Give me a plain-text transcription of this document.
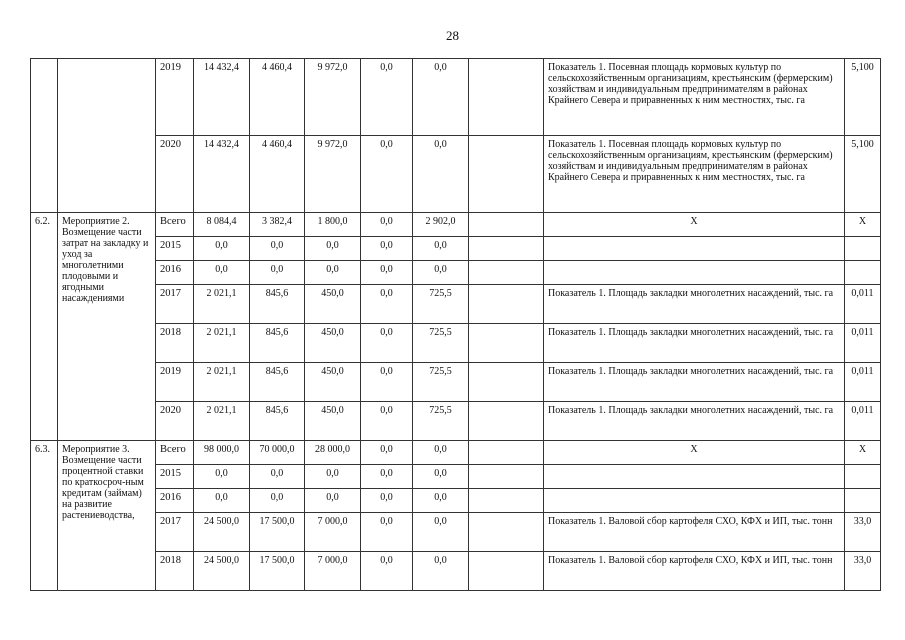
28
		2019	14 432,4	4 460,4	9 972,0	0,0	0,0		Показатель 1. Посевная площадь кормовых культур по сельскохозяйственным организациям, крестьянским (фермерским) хозяйствам и индивидуальным предпринимателям в районах Крайнего Севера и приравненных к ним местностях, тыс. га	5,100
		2020	14 432,4	4 460,4	9 972,0	0,0	0,0		Показатель 1. Посевная площадь кормовых культур по сельскохозяйственным организациям, крестьянским (фермерским) хозяйствам и индивидуальным предпринимателям в районах Крайнего Севера и приравненных к ним местностях, тыс. га	5,100
6.2.	Мероприятие 2. Возмещение части затрат на закладку и уход за многолетними плодовыми и ягодными насаждениями	Всего	8 084,4	3 382,4	1 800,0	0,0	2 902,0		Х	Х
		2015	0,0	0,0	0,0	0,0	0,0			
		2016	0,0	0,0	0,0	0,0	0,0			
		2017	2 021,1	845,6	450,0	0,0	725,5		Показатель 1. Площадь закладки многолетних насаждений, тыс. га	0,011
		2018	2 021,1	845,6	450,0	0,0	725,5		Показатель 1. Площадь закладки многолетних насаждений, тыс. га	0,011
		2019	2 021,1	845,6	450,0	0,0	725,5		Показатель 1. Площадь закладки многолетних насаждений, тыс. га	0,011
		2020	2 021,1	845,6	450,0	0,0	725,5		Показатель 1. Площадь закладки многолетних насаждений, тыс. га	0,011
6.3.	Мероприятие 3. Возмещение части процентной ставки по краткосроч-ным кредитам (займам) на развитие растениеводства,	Всего	98 000,0	70 000,0	28 000,0	0,0	0,0		Х	Х
		2015	0,0	0,0	0,0	0,0	0,0			
		2016	0,0	0,0	0,0	0,0	0,0			
		2017	24 500,0	17 500,0	7 000,0	0,0	0,0		Показатель 1. Валовой сбор картофеля СХО, КФХ и ИП, тыс. тонн	33,0
		2018	24 500,0	17 500,0	7 000,0	0,0	0,0		Показатель 1. Валовой сбор картофеля СХО, КФХ и ИП, тыс. тонн	33,0
